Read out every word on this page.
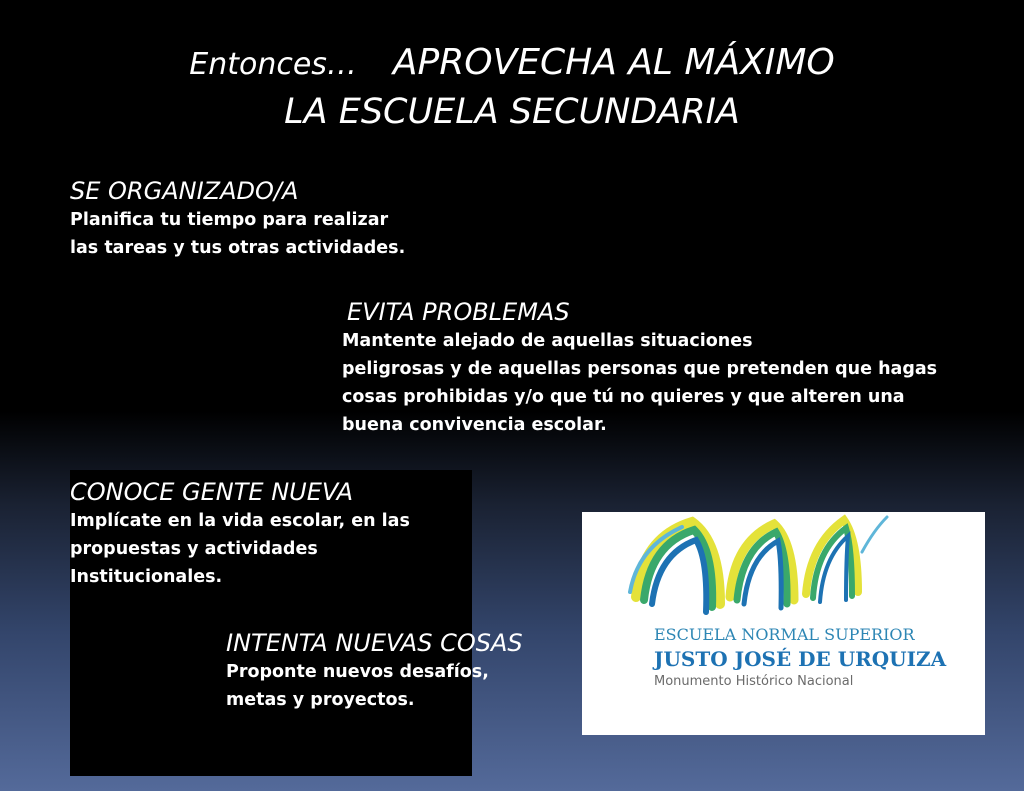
Entonces… APROVECHA AL MÁXIMO
LA ESCUELA SECUNDARIA
SE ORGANIZADO/A
Planifica tu tiempo para realizar
las tareas y tus otras actividades.
EVITA PROBLEMAS
Mantente alejado de aquellas situaciones
peligrosas y de aquellas personas que pretenden que hagas
cosas prohibidas y/o que tú no quieres y que alteren una
buena convivencia escolar.
CONOCE GENTE NUEVA
Implícate en la vida escolar, en las
propuestas y actividades
Institucionales.
INTENTA NUEVAS COSAS
Proponte nuevos desafíos,
metas y proyectos.
ESCUELA NORMAL SUPERIOR
JUSTO JOSÉ DE URQUIZA
Monumento Histórico Nacional
